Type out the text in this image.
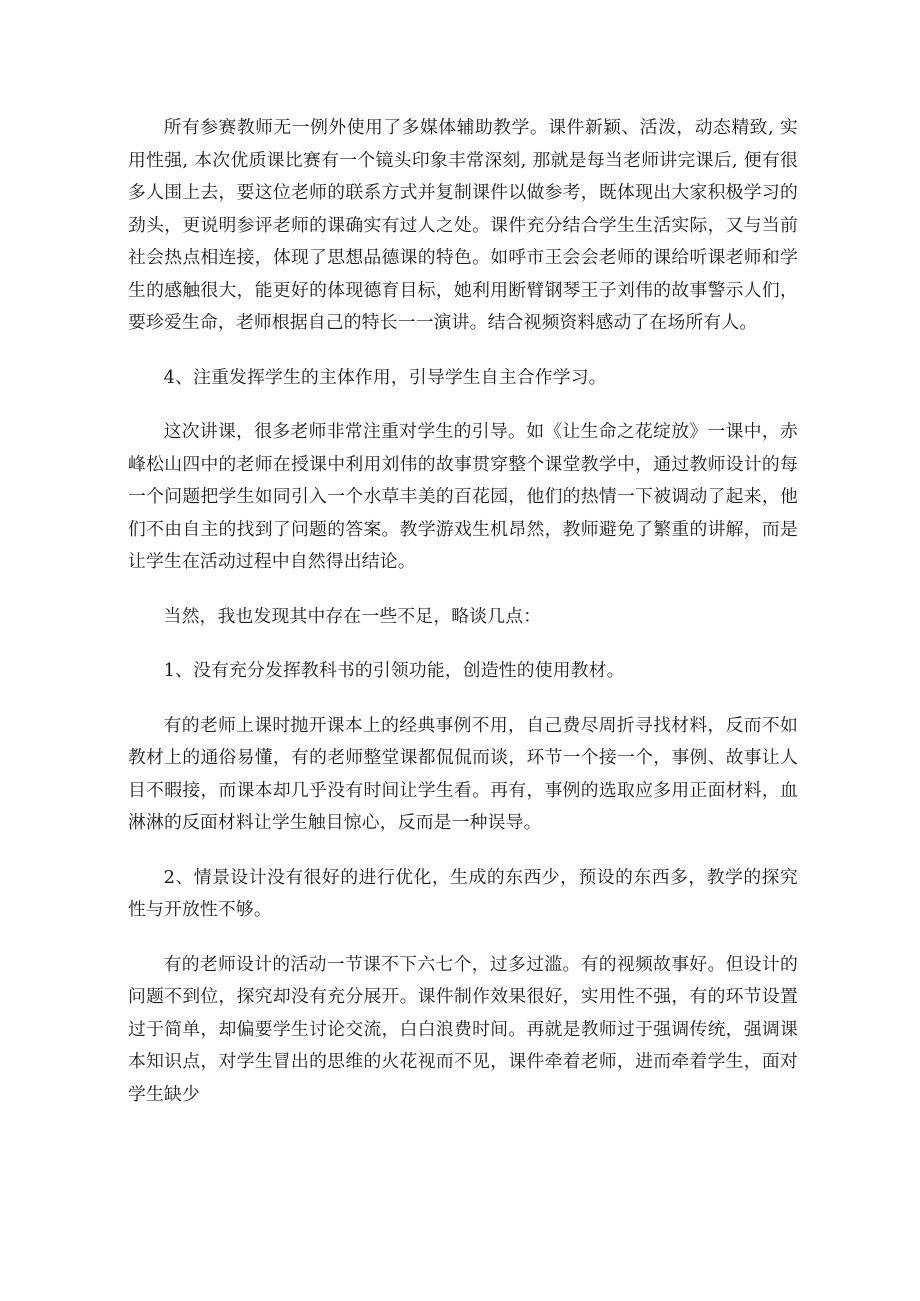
所有参赛教师无一例外使用了多媒体辅助教学。课件新颖、活泼，动态精致, 实用性强, 本次优质课比赛有一个镜头印象丰常深刻, 那就是每当老师讲完课后, 便有很多人围上去，要这位老师的联系方式并复制课件以做参考，既体现出大家积极学习的劲头，更说明参评老师的课确实有过人之处。课件充分结合学生生活实际，又与当前社会热点相连接，体现了思想品德课的特色。如呼市王会会老师的课给听课老师和学生的感触很大，能更好的体现德育目标，她利用断臂钢琴王子刘伟的故事警示人们，要珍爱生命，老师根据自己的特长一一演讲。结合视频资料感动了在场所有人。

4、注重发挥学生的主体作用，引导学生自主合作学习。

这次讲课，很多老师非常注重对学生的引导。如《让生命之花绽放》一课中，赤峰松山四中的老师在授课中利用刘伟的故事贯穿整个课堂教学中，通过教师设计的每一个问题把学生如同引入一个水草丰美的百花园，他们的热情一下被调动了起来，他们不由自主的找到了问题的答案。教学游戏生机昂然，教师避免了繁重的讲解，而是让学生在活动过程中自然得出结论。

当然，我也发现其中存在一些不足，略谈几点：

1、没有充分发挥教科书的引领功能，创造性的使用教材。

有的老师上课时抛开课本上的经典事例不用，自己费尽周折寻找材料，反而不如教材上的通俗易懂，有的老师整堂课都侃侃而谈，环节一个接一个，事例、故事让人目不暇接，而课本却几乎没有时间让学生看。再有，事例的选取应多用正面材料，血淋淋的反面材料让学生触目惊心，反而是一种误导。

2、情景设计没有很好的进行优化，生成的东西少，预设的东西多，教学的探究性与开放性不够。

有的老师设计的活动一节课不下六七个，过多过滥。有的视频故事好。但设计的问题不到位，探究却没有充分展开。课件制作效果很好，实用性不强，有的环节设置过于简单，却偏要学生讨论交流，白白浪费时间。再就是教师过于强调传统，强调课本知识点，对学生冒出的思维的火花视而不见，课件牵着老师，进而牵着学生，面对学生缺少
